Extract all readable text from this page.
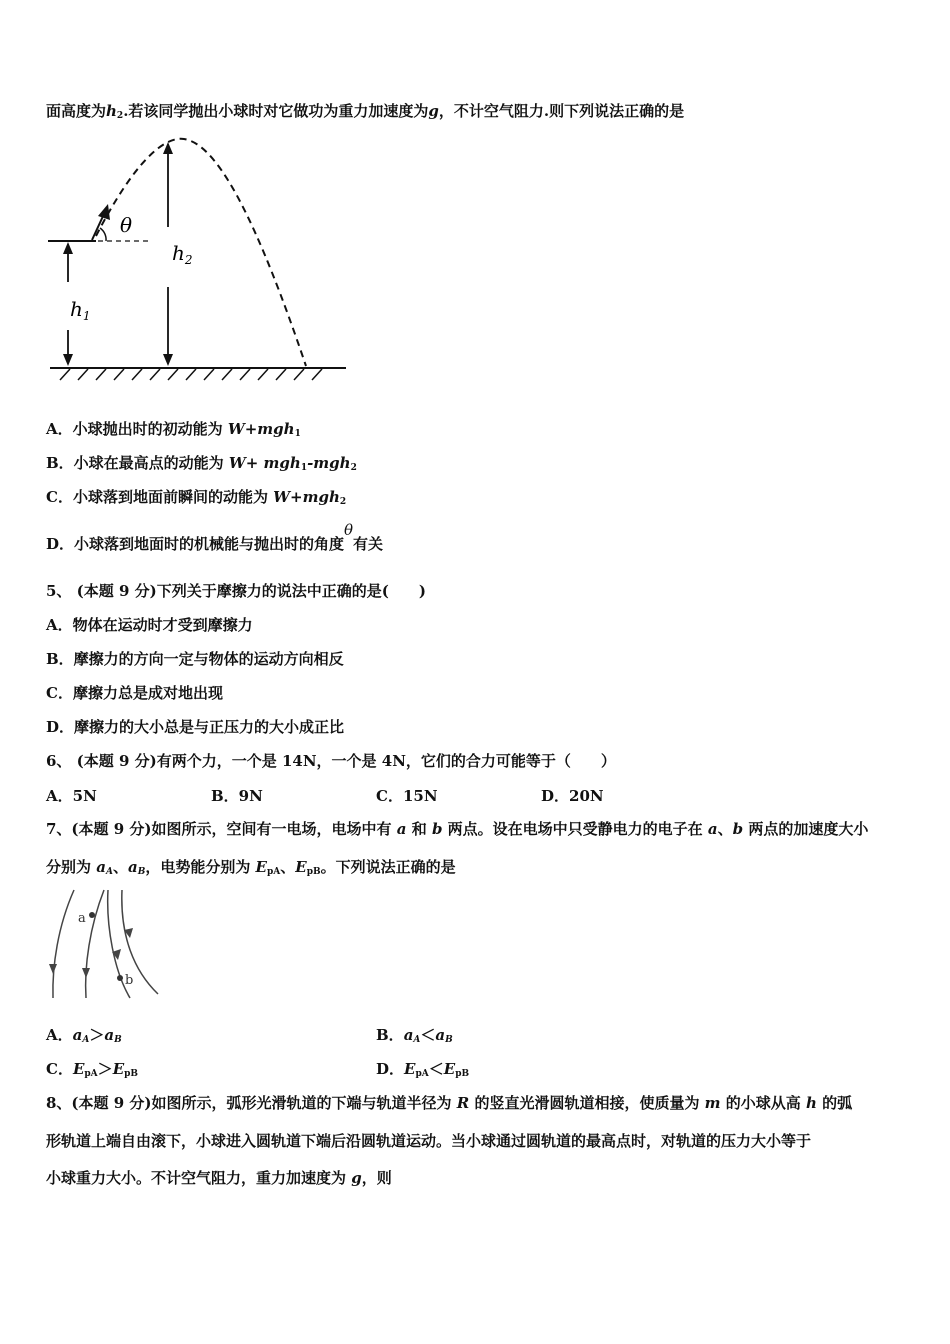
面高度为$h_2$.若该同学抛出小球时对它做功为重力加速度为g，不计空气阻力.则下列说法正确的是
$h_1$
$h_2$
θ
A．小球抛出时的初动能为 W+mgh$_1$
B．小球在最高点的动能为 W+ mgh$_1$-mgh$_2$
C．小球落到地面前瞬间的动能为 W+mgh$_2$
D．小球落到地面时的机械能与抛出时的角度θ有关
5、 (本题 9 分)下列关于摩擦力的说法中正确的是(　　)
A．物体在运动时才受到摩擦力
B．摩擦力的方向一定与物体的运动方向相反
C．摩擦力总是成对地出现
D．摩擦力的大小总是与正压力的大小成正比
6、 (本题 9 分)有两个力，一个是 14N，一个是 4N，它们的合力可能等于（　　）
A．5N	B．9N	C．15N	D．20N
7、(本题 9 分)如图所示，空间有一电场，电场中有 a 和 b 两点。设在电场中只受静电力的电子在 a、b 两点的加速度大小
分别为 $a_A$、$a_B$，电势能分别为 $E_{pA}$、$E_{pB}$。下列说法正确的是
a
b
A．$a_A>a_B$	B．$a_A<a_B$
C．$E_{pA}>E_{pB}$	D．$E_{pA}<E_{pB}$
8、(本题 9 分)如图所示，弧形光滑轨道的下端与轨道半径为 R 的竖直光滑圆轨道相接，使质量为 m 的小球从高 h 的弧
形轨道上端自由滚下，小球进入圆轨道下端后沿圆轨道运动。当小球通过圆轨道的最高点时，对轨道的压力大小等于
小球重力大小。不计空气阻力，重力加速度为 g，则
